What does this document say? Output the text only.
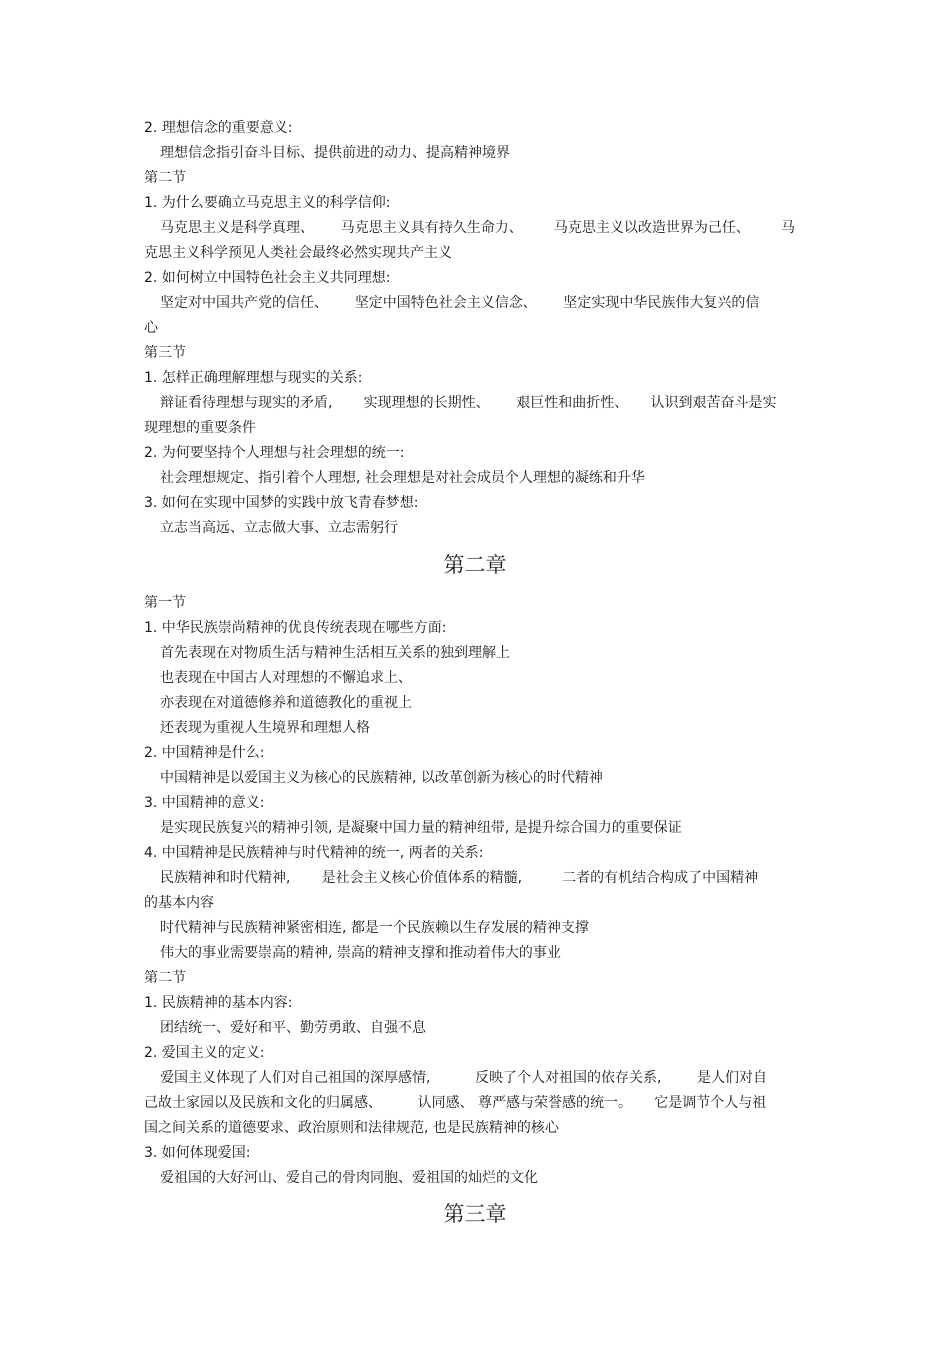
2. 理想信念的重要意义:
理想信念指引奋斗目标、提供前进的动力、提高精神境界
第二节
1. 为什么要确立马克思主义的科学信仰:
马克思主义是科学真理、      马克思主义具有持久生命力、       马克思主义以改造世界为己任、       马
克思主义科学预见人类社会最终必然实现共产主义
2. 如何树立中国特色社会主义共同理想:
坚定对中国共产党的信任、      坚定中国特色社会主义信念、      坚定实现中华民族伟大复兴的信
心
第三节
1. 怎样正确理解理想与现实的关系:
辩证看待理想与现实的矛盾,       实现理想的长期性、      艰巨性和曲折性、     认识到艰苦奋斗是实
现理想的重要条件
2. 为何要坚持个人理想与社会理想的统一:
社会理想规定、指引着个人理想, 社会理想是对社会成员个人理想的凝练和升华
3. 如何在实现中国梦的实践中放飞青春梦想:
立志当高远、立志做大事、立志需躬行
第二章
第一节
1. 中华民族崇尚精神的优良传统表现在哪些方面:
首先表现在对物质生活与精神生活相互关系的独到理解上
也表现在中国古人对理想的不懈追求上、
亦表现在对道德修养和道德教化的重视上
还表现为重视人生境界和理想人格
2. 中国精神是什么:
中国精神是以爱国主义为核心的民族精神, 以改革创新为核心的时代精神
3. 中国精神的意义:
是实现民族复兴的精神引领, 是凝聚中国力量的精神纽带, 是提升综合国力的重要保证
4. 中国精神是民族精神与时代精神的统一, 两者的关系:
民族精神和时代精神,       是社会主义核心价值体系的精髓,         二者的有机结合构成了中国精神
的基本内容
时代精神与民族精神紧密相连, 都是一个民族赖以生存发展的精神支撑
伟大的事业需要崇高的精神, 崇高的精神支撑和推动着伟大的事业
第二节
1. 民族精神的基本内容:
团结统一、爱好和平、勤劳勇敢、自强不息
2. 爱国主义的定义:
爱国主义体现了人们对自己祖国的深厚感情,          反映了个人对祖国的依存关系,        是人们对自
己故土家园以及民族和文化的归属感、        认同感、 尊严感与荣誉感的统一。     它是调节个人与祖
国之间关系的道德要求、政治原则和法律规范, 也是民族精神的核心
3. 如何体现爱国:
爱祖国的大好河山、爱自己的骨肉同胞、爱祖国的灿烂的文化
第三章
